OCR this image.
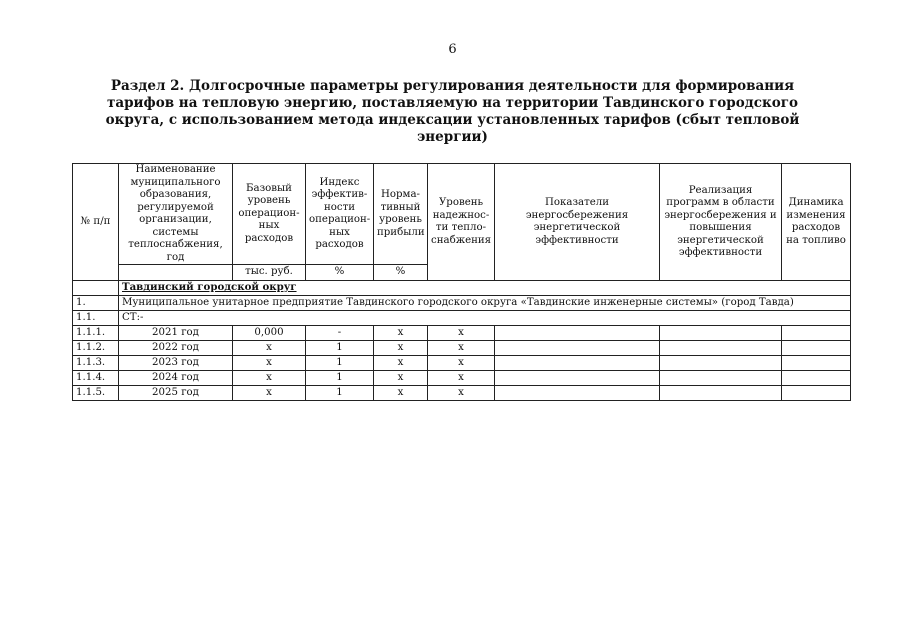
6
Раздел 2. Долгосрочные параметры регулирования деятельности для формирования тарифов на тепловую энергию, поставляемую на территории Тавдинского городского округа, с использованием метода индексации установленных тарифов (сбыт тепловой энергии)
№ п/п	Наименование муниципального образования, регулируемой организации, системы теплоснабжения, год	Базовый уровень операцион-ных расходов	Индекс эффектив-ности операцион-ных расходов	Норма-тивный уровень прибыли	Уровень надежнос-ти тепло-снабжения	Показатели энергосбережения энергетической эффективности	Реализация программ в области энергосбережения и повышения энергетической эффективности	Динамика изменения расходов на топливо
		тыс. руб.	%	%				
	Тавдинский городской округ							
1.	Муниципальное унитарное предприятие Тавдинского городского округа «Тавдинские инженерные системы» (город Тавда)							
1.1.	СТ:-							
1.1.1.	2021 год	0,000	-	х	х			
1.1.2.	2022 год	х	1	х	х			
1.1.3.	2023 год	х	1	х	х			
1.1.4.	2024 год	х	1	х	х			
1.1.5.	2025 год	х	1	х	х			
